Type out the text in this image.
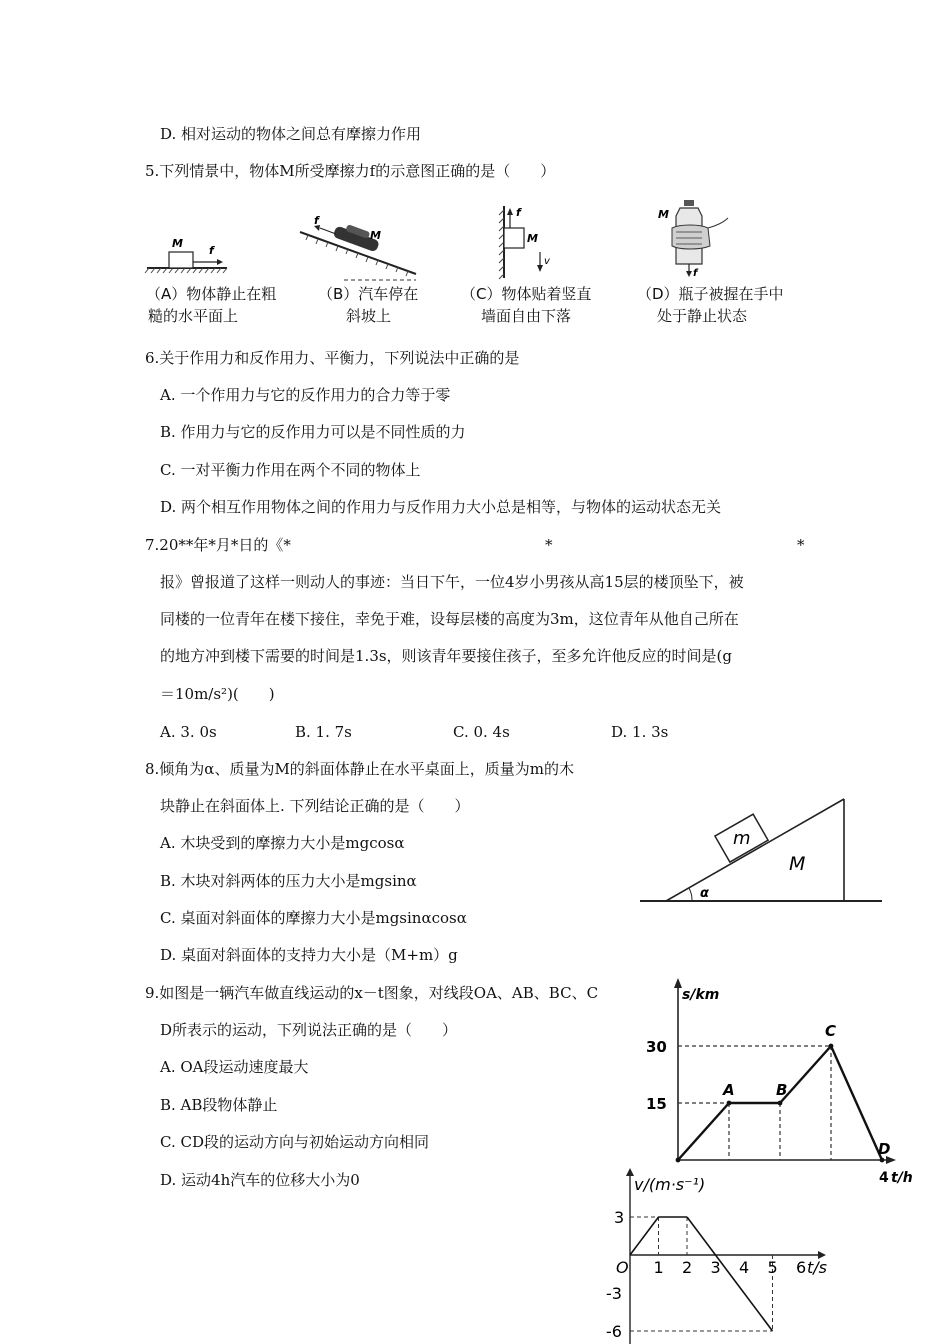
D. 相对运动的物体之间总有摩擦力作用
5.下列情景中，物体M所受摩擦力f的示意图正确的是（　　）
M
f
f
M
f
M
v
M
f
（A）物体静止在粗
糙的水平面上
（B）汽车停在
斜坡上
（C）物体贴着竖直
墙面自由下落
（D）瓶子被握在手中
处于静止状态
6.关于作用力和反作用力、平衡力，下列说法中正确的是
A. 一个作用力与它的反作用力的合力等于零
B. 作用力与它的反作用力可以是不同性质的力
C. 一对平衡力作用在两个不同的物体上
D. 两个相互作用物体之间的作用力与反作用力大小总是相等，与物体的运动状态无关
7.20**年*月*日的《*	*	*
报》曾报道了这样一则动人的事迹：当日下午，一位4岁小男孩从高15层的楼顶坠下，被
同楼的一位青年在楼下接住，幸免于难，设每层楼的高度为3m，这位青年从他自己所在
的地方冲到楼下需要的时间是1.3s，则该青年要接住孩子，至多允许他反应的时间是(g
＝10m/s²)(　　)
A. 3. 0s	B. 1. 7s	C. 0. 4s	D. 1. 3s
8.倾角为α、质量为M的斜面体静止在水平桌面上，质量为m的木
块静止在斜面体上. 下列结论正确的是（　　）
A. 木块受到的摩擦力大小是mgcosα
B. 木块对斜两体的压力大小是mgsinα
C. 桌面对斜面体的摩擦力大小是mgsinαcosα
D. 桌面对斜面体的支持力大小是（M+m）g
m
M
α
9.如图是一辆汽车做直线运动的x－t图象，对线段OA、AB、BC、C
D所表示的运动，下列说法正确的是（　　）
A. OA段运动速度最大
B. AB段物体静止
C. CD段的运动方向与初始运动方向相同
D. 运动4h汽车的位移大小为0
s/km
A	B
C
D
15
30
4 t/h
v/(m·s⁻¹)
O 1 2 3 4 5 6 t/s
3
-3
-6
